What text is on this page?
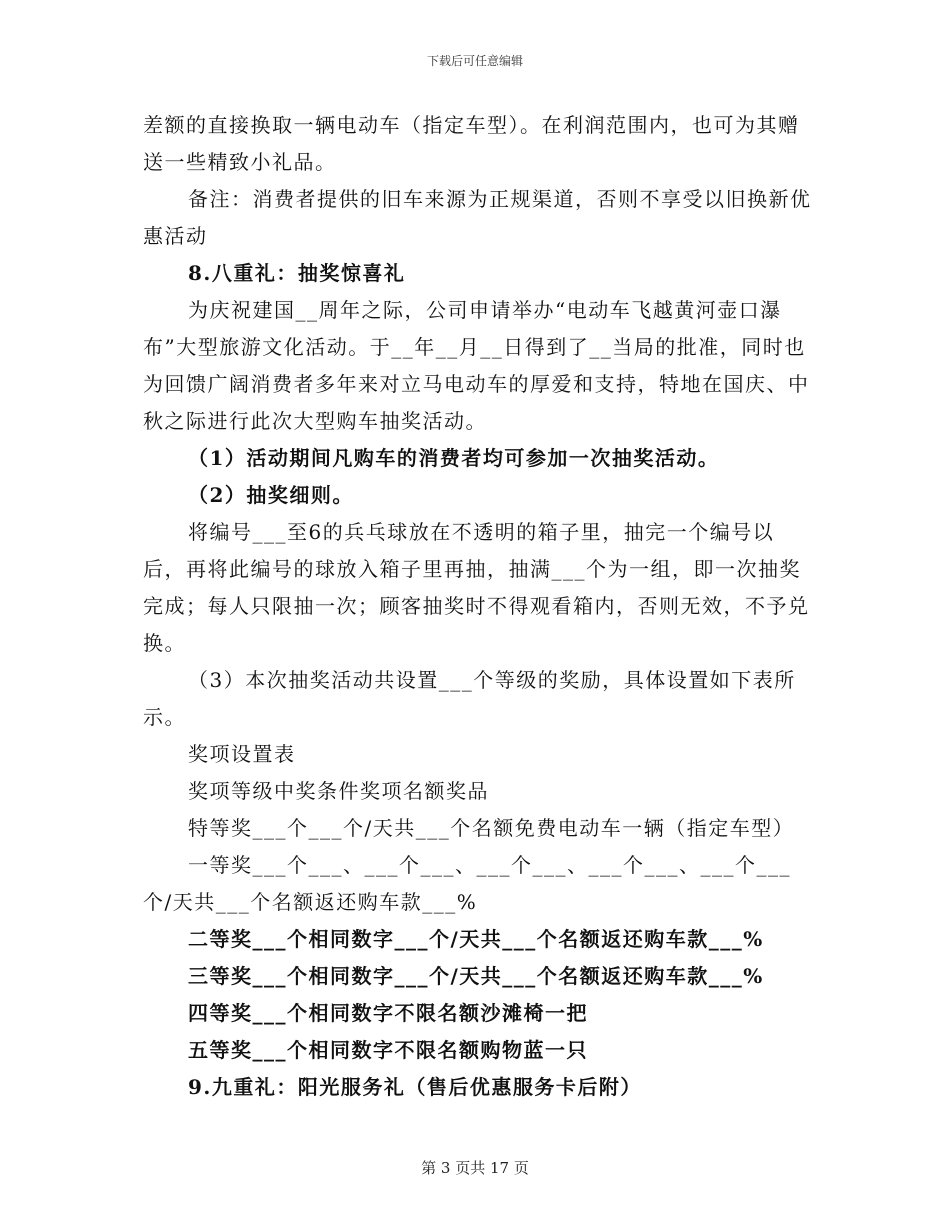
下载后可任意编辑

差额的直接换取一辆电动车（指定车型）。在利润范围内，也可为其赠送一些精致小礼品。

备注：消费者提供的旧车来源为正规渠道，否则不享受以旧换新优惠活动

8.八重礼：抽奖惊喜礼

为庆祝建国__周年之际，公司申请举办“电动车飞越黄河壶口瀑布”大型旅游文化活动。于__年__月__日得到了__当局的批准，同时也为回馈广阔消费者多年来对立马电动车的厚爱和支持，特地在国庆、中秋之际进行此次大型购车抽奖活动。

（1）活动期间凡购车的消费者均可参加一次抽奖活动。

（2）抽奖细则。

将编号___至6的兵乓球放在不透明的箱子里，抽完一个编号以后，再将此编号的球放入箱子里再抽，抽满___个为一组，即一次抽奖完成；每人只限抽一次；顾客抽奖时不得观看箱内，否则无效，不予兑换。

（3）本次抽奖活动共设置___个等级的奖励，具体设置如下表所示。

奖项设置表

奖项等级中奖条件奖项名额奖品

特等奖___个___个/天共___个名额免费电动车一辆（指定车型）

一等奖___个___、___个___、___个___、___个___、___个___个/天共___个名额返还购车款___%

二等奖___个相同数字___个/天共___个名额返还购车款___%

三等奖___个相同数字___个/天共___个名额返还购车款___%

四等奖___个相同数字不限名额沙滩椅一把

五等奖___个相同数字不限名额购物蓝一只

9.九重礼：阳光服务礼（售后优惠服务卡后附）

第 3 页共 17 页
